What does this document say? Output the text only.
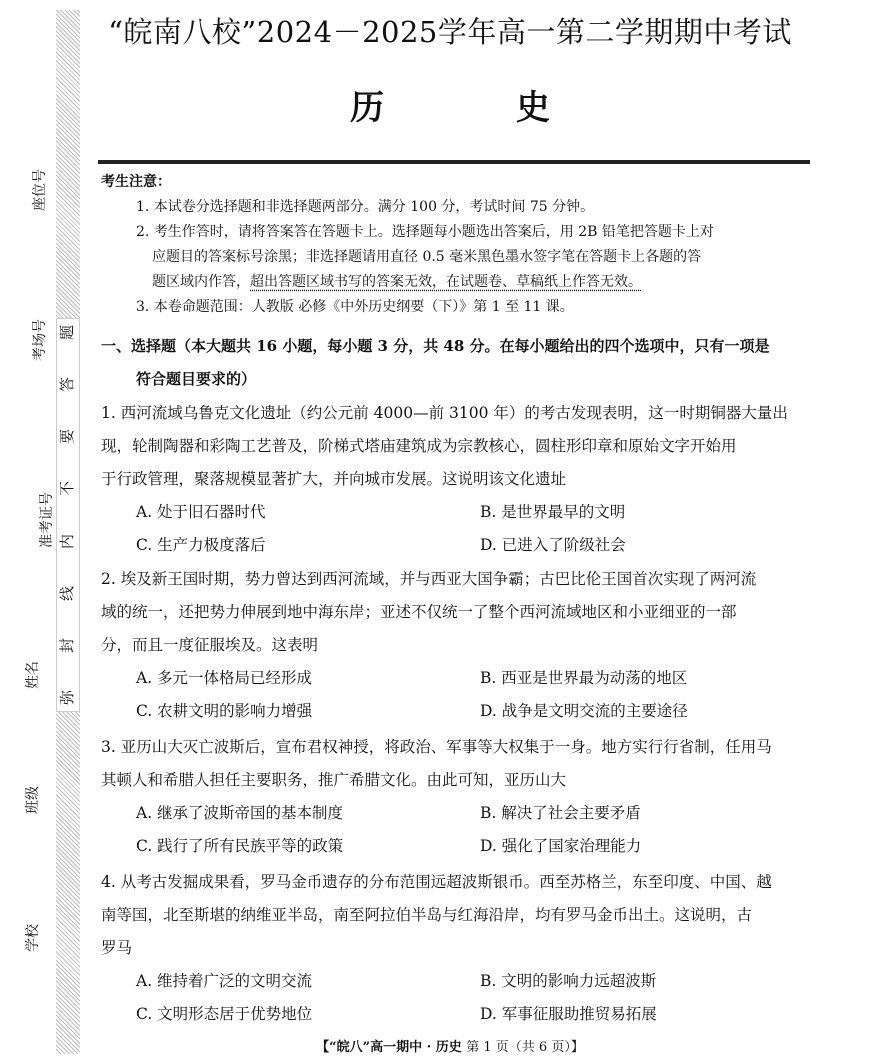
题
答
要
不
内
线
封
弥
座位号
考场号
准考证号
姓名
班级
学校
“皖南八校”2024－2025学年高一第二学期期中考试
历 史

考生注意：

1. 本试卷分选择题和非选择题两部分。满分 100 分，考试时间 75 分钟。

2. 考生作答时，请将答案答在答题卡上。选择题每小题选出答案后，用 2B 铅笔把答题卡上对

应题目的答案标号涂黑；非选择题请用直径 0.5 毫米黑色墨水签字笔在答题卡上各题的答

题区域内作答，超出答题区域书写的答案无效，在试题卷、草稿纸上作答无效。

3. 本卷命题范围：人教版 必修《中外历史纲要（下）》第 1 至 11 课。

一、选择题（本大题共 16 小题，每小题 3 分，共 48 分。在每小题给出的四个选项中，只有一项是
符合题目要求的）

1. 西河流域乌鲁克文化遗址（约公元前 4000—前 3100 年）的考古发现表明，这一时期铜器大量出

现，轮制陶器和彩陶工艺普及，阶梯式塔庙建筑成为宗教核心，圆柱形印章和原始文字开始用

于行政管理，聚落规模显著扩大，并向城市发展。这说明该文化遗址

A. 处于旧石器时代	B. 是世界最早的文明
C. 生产力极度落后	D. 已进入了阶级社会

2. 埃及新王国时期，势力曾达到西河流域，并与西亚大国争霸；古巴比伦王国首次实现了两河流

域的统一，还把势力伸展到地中海东岸；亚述不仅统一了整个西河流域地区和小亚细亚的一部

分，而且一度征服埃及。这表明

A. 多元一体格局已经形成	B. 西亚是世界最为动荡的地区
C. 农耕文明的影响力增强	D. 战争是文明交流的主要途径

3. 亚历山大灭亡波斯后，宣布君权神授，将政治、军事等大权集于一身。地方实行行省制，任用马

其顿人和希腊人担任主要职务，推广希腊文化。由此可知，亚历山大

A. 继承了波斯帝国的基本制度	B. 解决了社会主要矛盾
C. 践行了所有民族平等的政策	D. 强化了国家治理能力

4. 从考古发掘成果看，罗马金币遗存的分布范围远超波斯银币。西至苏格兰，东至印度、中国、越

南等国，北至斯堪的纳维亚半岛，南至阿拉伯半岛与红海沿岸，均有罗马金币出土。这说明，古

罗马

A. 维持着广泛的文明交流	B. 文明的影响力远超波斯
C. 文明形态居于优势地位	D. 军事征服助推贸易拓展
【“皖八”高一期中 · 历史 第 1 页（共 6 页）】
